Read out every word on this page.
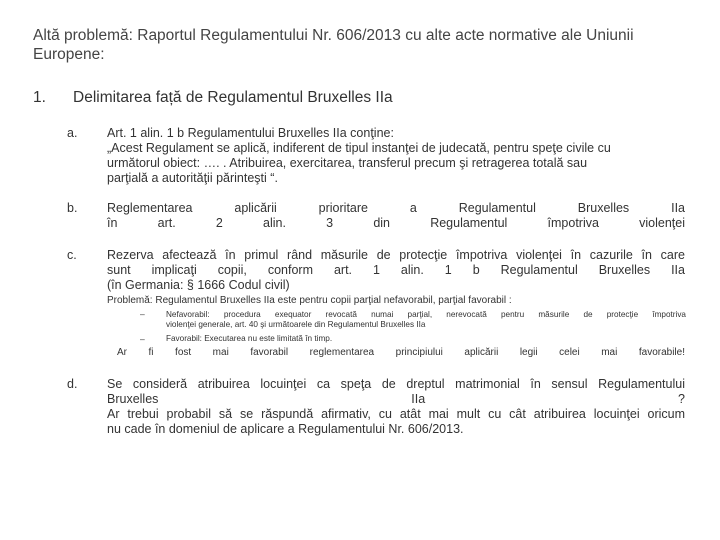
Altă problemă: Raportul Regulamentului Nr. 606/2013 cu alte acte normative ale Uniunii Europene:
1. Delimitarea față de Regulamentul Bruxelles IIa
a. Art. 1 alin. 1 b Regulamentului Bruxelles IIa conţine:
„Acest Regulament se aplică, indiferent de tipul instanţei de judecată, pentru speţe civile cu
următorul obiect: …. . Atribuirea, exercitarea, transferul precum şi retragerea totală sau
parţială a autorităţii părinteşti “.
b. Reglementarea aplicării prioritare a Regulamentul Bruxelles IIa
în art. 2 alin. 3 din Regulamentul împotriva violenţei
c. Rezerva afectează în primul rând măsurile de protecţie împotriva violenţei în cazurile în care
sunt implicaţi copii, conform art. 1 alin. 1 b Regulamentul Bruxelles IIa
(în Germania: § 1666 Codul civil)
Problemă: Regulamentul Bruxelles IIa este pentru copii parţial nefavorabil, parţial favorabil :
–	Nefavorabil: procedura exequator revocată numai parţial, nerevocată pentru măsurile de protecţie împotriva
violenţei generale, art. 40 şi următoarele din Regulamentul Bruxelles IIa
–	Favorabil: Executarea nu este limitată în timp.
Ar fi fost mai favorabil reglementarea principiului aplicării legii celei mai favorabile!
d. Se consideră atribuirea locuinţei ca speţa de dreptul matrimonial în sensul Regulamentului
Bruxelles IIa ?
Ar trebui probabil să se răspundă afirmativ, cu atât mai mult cu cât atribuirea locuinţei oricum
nu cade în domeniul de aplicare a Regulamentului Nr. 606/2013.
